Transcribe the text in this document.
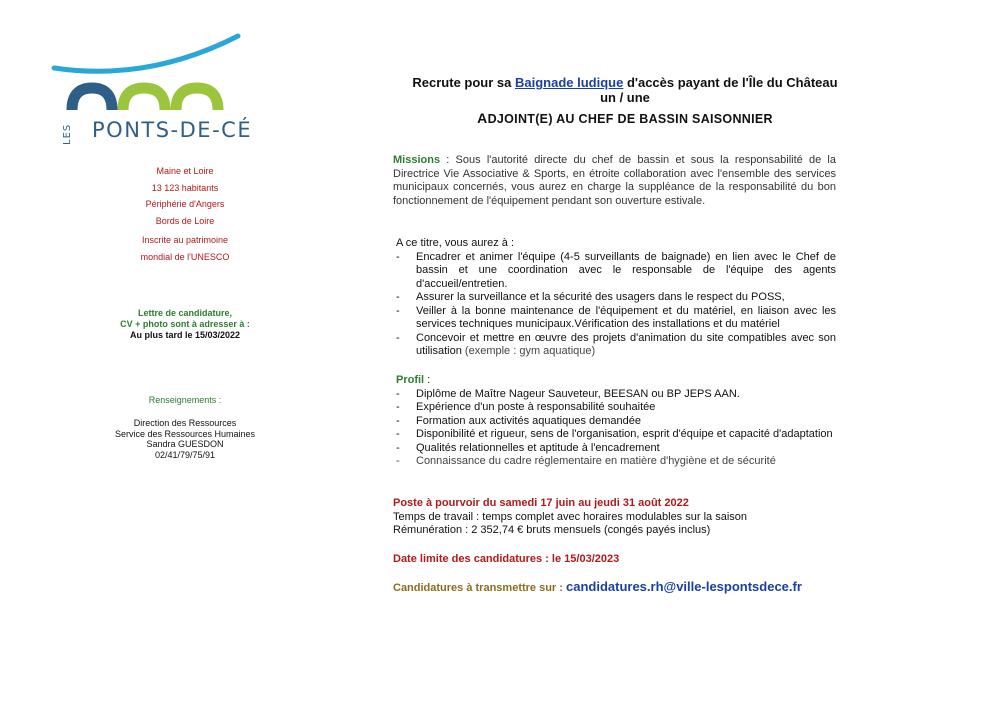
LES PONTS-DE-CÉ
Maine et Loire
13 123 habitants
Périphérie d'Angers
Bords de Loire
Inscrite au patrimoine
mondial de l'UNESCO
Lettre de candidature,
CV + photo sont à adresser à :
Au plus tard le 15/03/2022
Renseignements :
Direction des Ressources
Service des Ressources Humaines
Sandra GUESDON
02/41/79/75/91
Recrute pour sa Baignade ludique d'accès payant de l'Île du Château
un / une
ADJOINT(E) AU CHEF DE BASSIN SAISONNIER
Missions : Sous l'autorité directe du chef de bassin et sous la responsabilité de la Directrice Vie Associative & Sports, en étroite collaboration avec l'ensemble des services municipaux concernés, vous aurez en charge la suppléance de la responsabilité du bon fonctionnement de l'équipement pendant son ouverture estivale.
A ce titre, vous aurez à :
- Encadrer et animer l'équipe (4-5 surveillants de baignade) en lien avec le Chef de bassin et une coordination avec le responsable de l'équipe des agents d'accueil/entretien.
- Assurer la surveillance et la sécurité des usagers dans le respect du POSS,
- Veiller à la bonne maintenance de l'équipement et du matériel, en liaison avec les services techniques municipaux.Vérification des installations et du matériel
- Concevoir et mettre en œuvre des projets d'animation du site compatibles avec son utilisation (exemple : gym aquatique)
Profil :
- Diplôme de Maître Nageur Sauveteur, BEESAN ou BP JEPS AAN.
- Expérience d'un poste à responsabilité souhaitée
- Formation aux activités aquatiques demandée
- Disponibilité et rigueur, sens de l'organisation, esprit d'équipe et capacité d'adaptation
- Qualités relationnelles et aptitude à l'encadrement
- Connaissance du cadre réglementaire en matière d'hygiène et de sécurité
Poste à pourvoir du samedi 17 juin au jeudi 31 août 2022
Temps de travail : temps complet avec horaires modulables sur la saison
Rémunération : 2 352,74 € bruts mensuels (congés payés inclus)
Date limite des candidatures : le 15/03/2023
Candidatures à transmettre sur : candidatures.rh@ville-lespontsdece.fr
